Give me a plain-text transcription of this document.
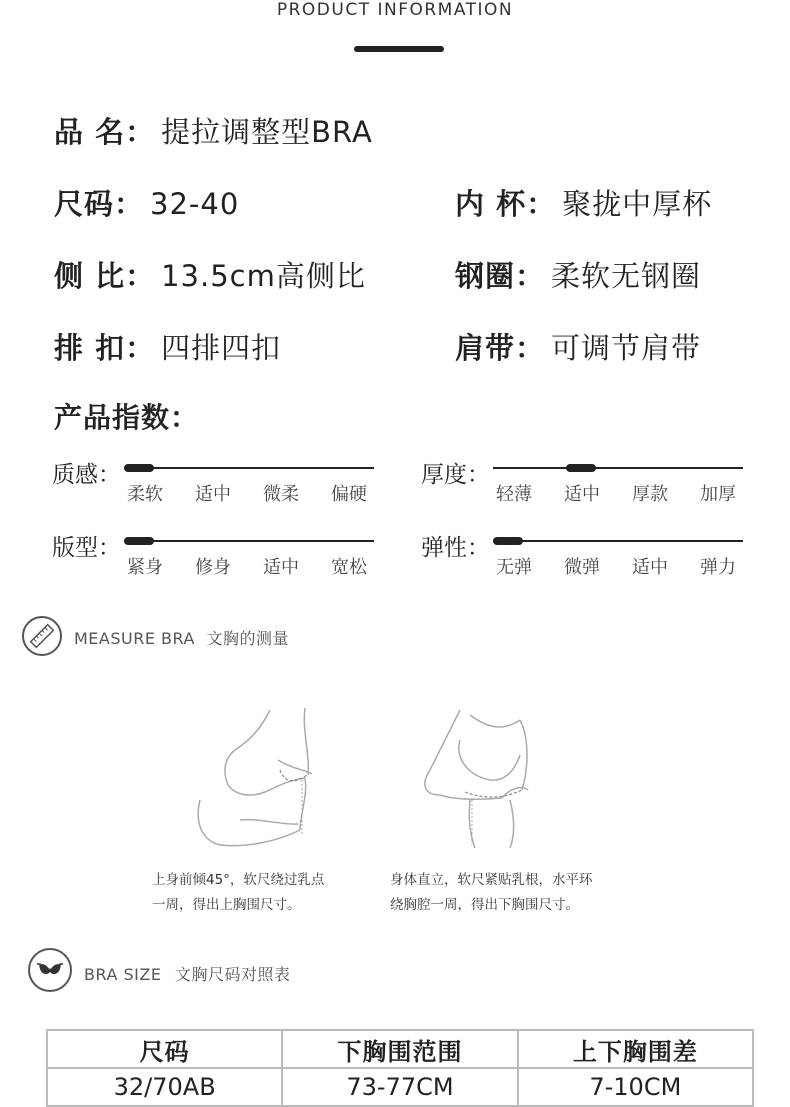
PRODUCT INFORMATION
品 名： 提拉调整型BRA
尺码： 32-40	内 杯： 聚拢中厚杯
侧 比： 13.5cm高侧比	钢圈： 柔软无钢圈
排 扣： 四排四扣	肩带： 可调节肩带
产品指数：
质感：
柔软	适中	微柔	偏硬
厚度：
轻薄	适中	厚款	加厚
版型：
紧身	修身	适中	宽松
弹性：
无弹	微弹	适中	弹力
MEASURE BRA 文胸的测量
上身前倾45°，软尺绕过乳点
一周，得出上胸围尺寸。
身体直立，软尺紧贴乳根，水平环
绕胸腔一周，得出下胸围尺寸。
BRA SIZE 文胸尺码对照表
尺码	下胸围范围	上下胸围差
32/70AB	73-77CM	7-10CM
